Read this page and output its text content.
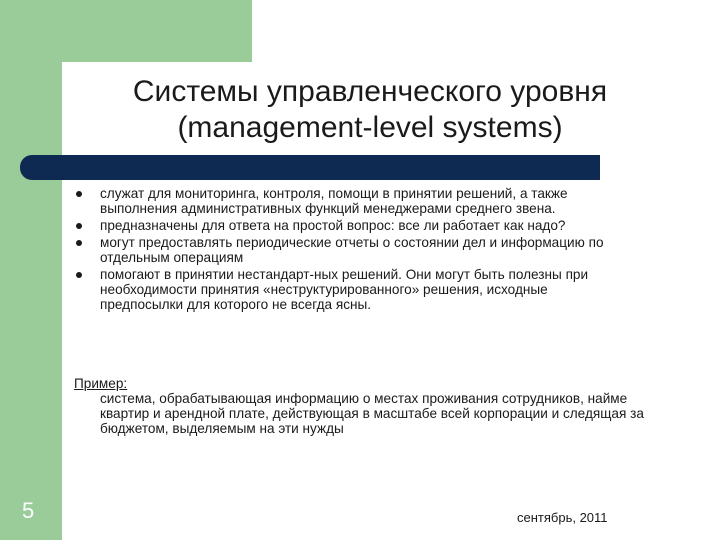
Системы управленческого уровня
(management-level systems)
служат для мониторинга, контроля, помощи в принятии решений, а также выполнения административных функций менеджерами среднего звена.
предназначены для ответа на простой вопрос: все ли работает как надо?
могут предоставлять периодические отчеты о состоянии дел и информацию по отдельным операциям
помогают в принятии нестандарт-ных решений. Они могут быть полезны при необходимости принятия «неструктурированного» решения, исходные предпосылки для которого не всегда ясны.
Пример:
система, обрабатывающая информацию о местах проживания сотрудников, найме квартир и арендной плате, действующая в масштабе всей корпорации и следящая за бюджетом, выделяемым на эти нужды
5	сентябрь, 2011
